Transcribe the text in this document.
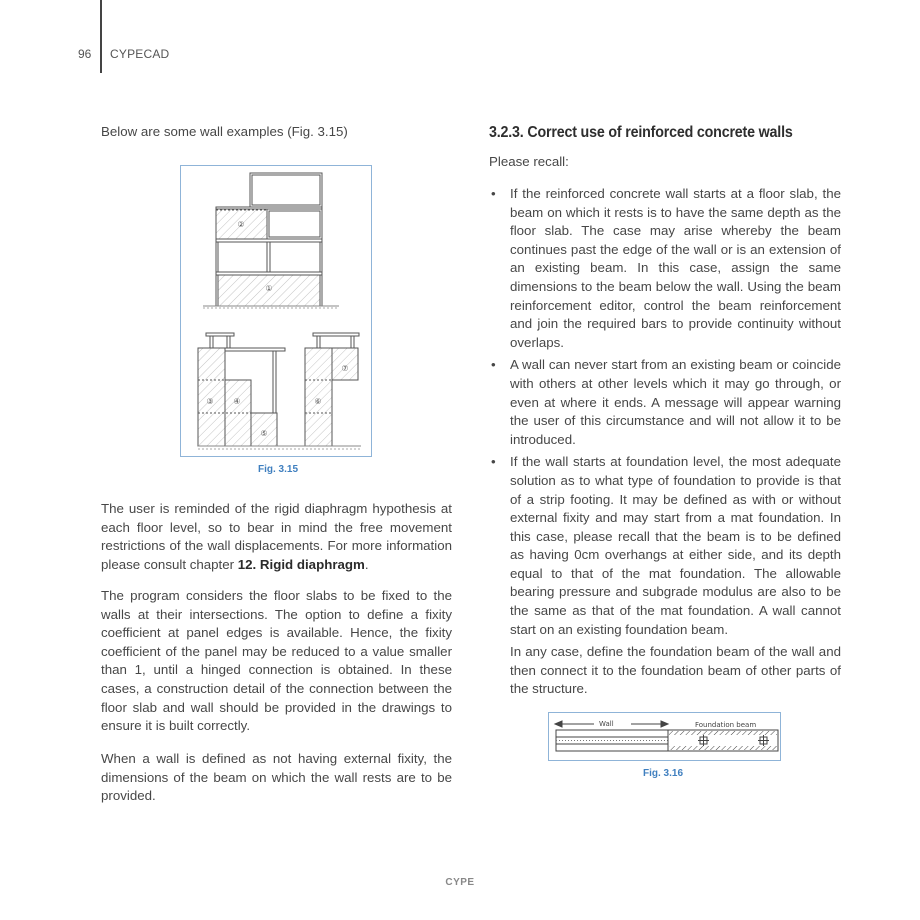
96 CYPECAD
Below are some wall examples (Fig. 3.15)
①
②
③ ④
⑤
⑥
⑦
Fig. 3.15

The user is reminded of the rigid diaphragm hypothesis at each floor level, so to bear in mind the free movement restrictions of the wall displacements. For more information please consult chapter 12. Rigid diaphragm.

The program considers the floor slabs to be fixed to the walls at their intersections. The option to define a fixity coefficient at panel edges is available. Hence, the fixity coefficient of the panel may be reduced to a value smaller than 1, until a hinged connection is obtained. In these cases, a construction detail of the connection between the floor slab and wall should be provided in the drawings to ensure it is built correctly.

When a wall is defined as not having external fixity, the dimensions of the beam on which the wall rests are to be provided.

3.2.3. Correct use of reinforced concrete walls
Please recall:
• If the reinforced concrete wall starts at a floor slab, the beam on which it rests is to have the same depth as the floor slab. The case may arise whereby the beam continues past the edge of the wall or is an extension of an existing beam. In this case, assign the same dimensions to the beam below the wall. Using the beam reinforcement editor, control the beam reinforcement and join the required bars to provide continuity without overlaps.
• A wall can never start from an existing beam or coincide with others at other levels which it may go through, or even at where it ends. A message will appear warning the user of this circumstance and will not allow it to be introduced.
• If the wall starts at foundation level, the most adequate solution as to what type of foundation to provide is that of a strip footing. It may be defined as with or without external fixity and may start from a mat foundation. In this case, please recall that the beam is to be defined as having 0cm overhangs at either side, and its depth equal to that of the mat foundation. The allowable bearing pressure and subgrade modulus are also to be the same as that of the mat foundation. A wall cannot start on an existing foundation beam.
In any case, define the foundation beam of the wall and then connect it to the foundation beam of other parts of the structure.
Wall	Foundation beam
Fig. 3.16
CYPE
